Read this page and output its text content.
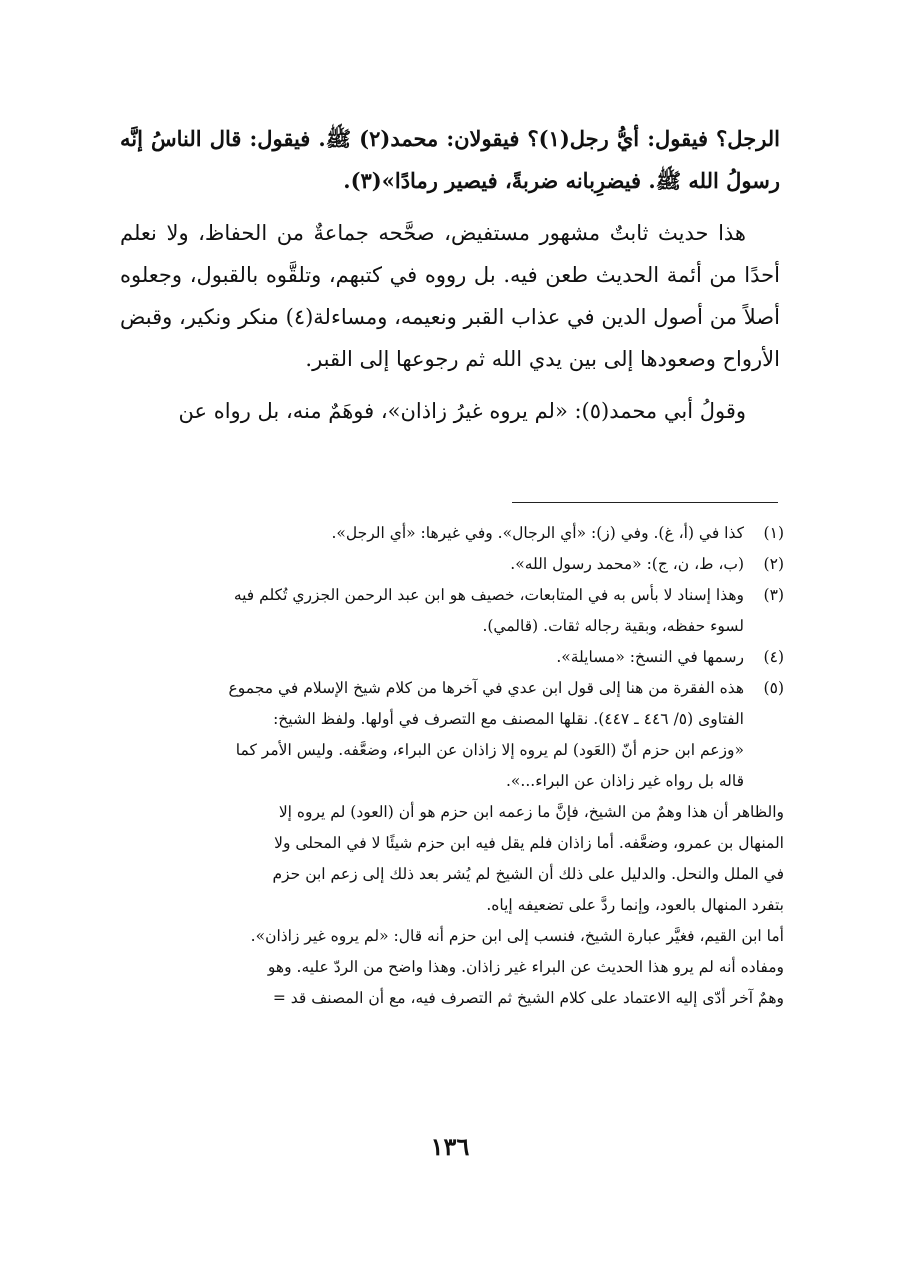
الرجل؟ فيقول: أيُّ رجل(١)؟ فيقولان: محمد(٢) ﷺ. فيقول: قال الناسُ إنَّه رسولُ الله ﷺ. فيضرِبانه ضربةً، فيصير رمادًا»(٣).

هذا حديث ثابتٌ مشهور مستفيض، صحَّحه جماعةٌ من الحفاظ، ولا نعلم أحدًا من أئمة الحديث طعن فيه. بل رووه في كتبهم، وتلقَّوه بالقبول، وجعلوه أصلاً من أصول الدين في عذاب القبر ونعيمه، ومساءلة(٤) منكر ونكير، وقبض الأرواح وصعودها إلى بين يدي الله ثم رجوعها إلى القبر.

وقولُ أبي محمد(٥): «لم يروه غيرُ زاذان»، فوهَمٌ منه، بل رواه عن

(١)
كذا في (أ، غ). وفي (ز): «أي الرجال». وفي غيرها: «أي الرجل».
(٢)
(ب، ط، ن، ج): «محمد رسول الله».
(٣)
وهذا إسناد لا بأس به في المتابعات، خصيف هو ابن عبد الرحمن الجزري تُكلم فيه
لسوء حفظه، وبقية رجاله ثقات. (قالمي).
(٤)
رسمها في النسخ: «مسايلة».
(٥)
هذه الفقرة من هنا إلى قول ابن عدي في آخرها من كلام شيخ الإسلام في مجموع
الفتاوى (٥/ ٤٤٦ ـ ٤٤٧). نقلها المصنف مع التصرف في أولها. ولفظ الشيخ:
«وزعم ابن حزم أنّ (العَود) لم يروه إلا زاذان عن البراء، وضعَّفه. وليس الأمر كما
قاله بل رواه غير زاذان عن البراء...».
والظاهر أن هذا وهمٌ من الشيخ، فإنَّ ما زعمه ابن حزم هو أن (العود) لم يروه إلا
المنهال بن عمرو، وضعَّفه. أما زاذان فلم يقل فيه ابن حزم شيئًا لا في المحلى ولا
في الملل والنحل. والدليل على ذلك أن الشيخ لم يُشر بعد ذلك إلى زعم ابن حزم
بتفرد المنهال بالعود، وإنما ردَّ على تضعيفه إياه.
أما ابن القيم، فغيَّر عبارة الشيخ، فنسب إلى ابن حزم أنه قال: «لم يروه غير زاذان».
ومفاده أنه لم يرو هذا الحديث عن البراء غير زاذان. وهذا واضح من الردّ عليه. وهو
وهمٌ آخر أدّى إليه الاعتماد على كلام الشيخ ثم التصرف فيه، مع أن المصنف قد =
١٣٦
